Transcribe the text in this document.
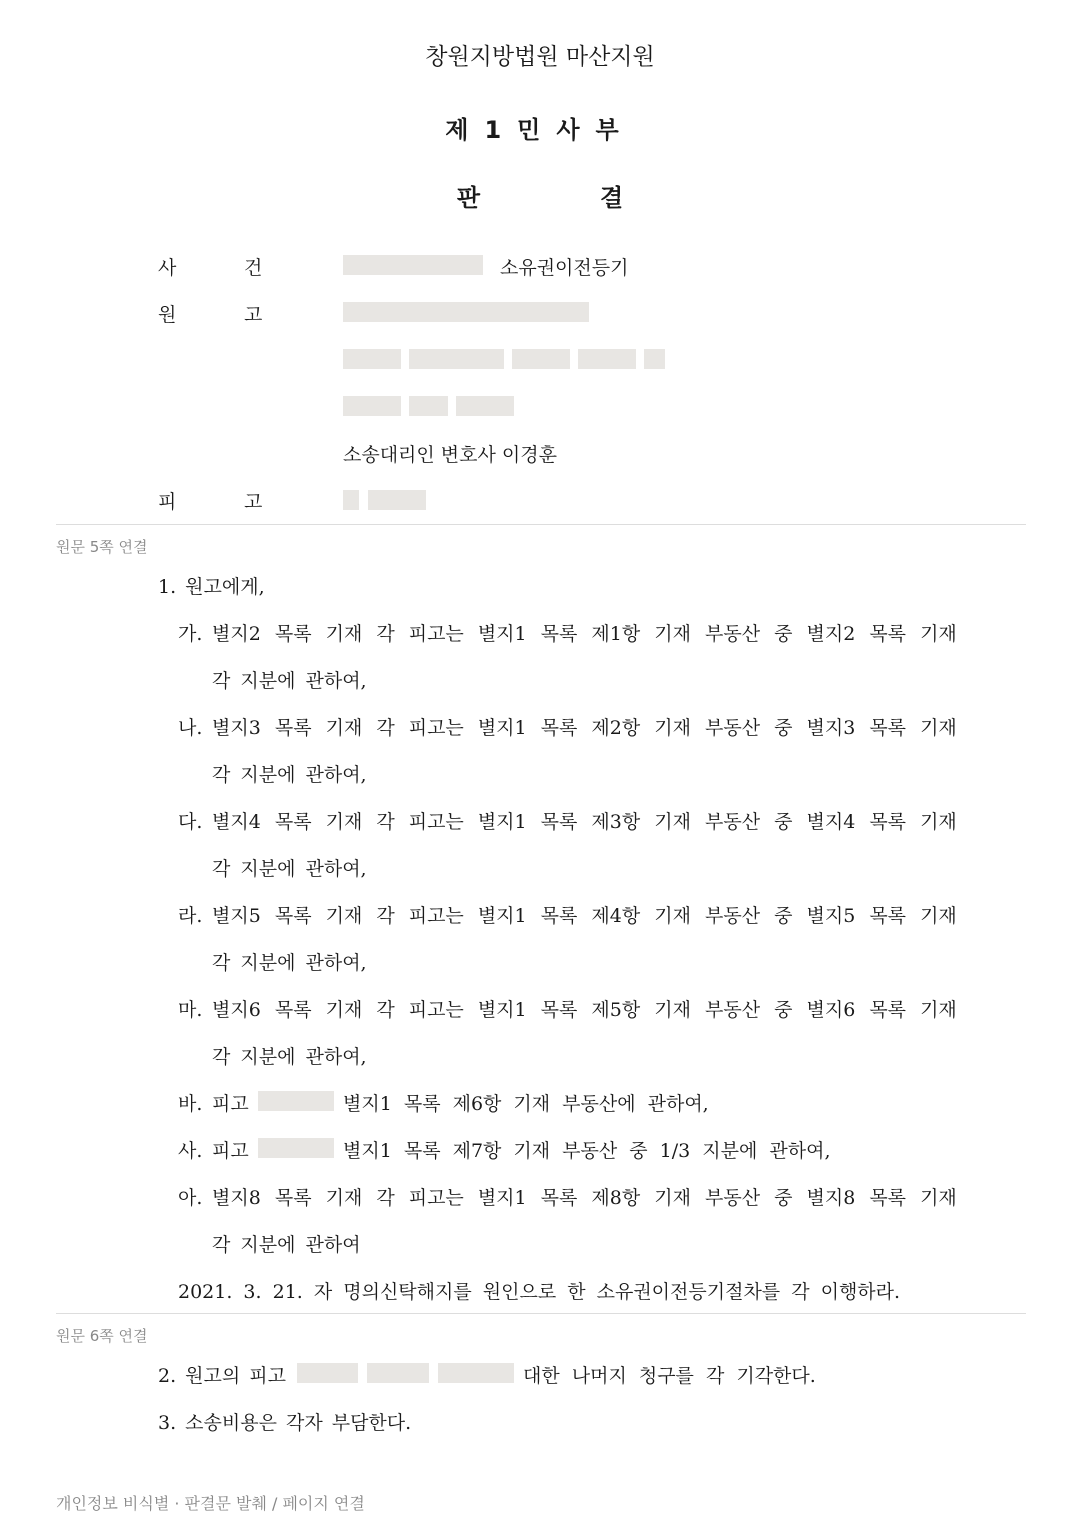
창원지방법원 마산지원
제1민사부
판	결
사	건	소유권이전등기
원	고
소송대리인 변호사 이경훈
피	고
원문 5쪽 연결
1. 원고에게,
가. 별지2 목록 기재 각 피고는 별지1 목록 제1항 기재 부동산 중 별지2 목록 기재
각 지분에 관하여,
나. 별지3 목록 기재 각 피고는 별지1 목록 제2항 기재 부동산 중 별지3 목록 기재
각 지분에 관하여,
다. 별지4 목록 기재 각 피고는 별지1 목록 제3항 기재 부동산 중 별지4 목록 기재
각 지분에 관하여,
라. 별지5 목록 기재 각 피고는 별지1 목록 제4항 기재 부동산 중 별지5 목록 기재
각 지분에 관하여,
마. 별지6 목록 기재 각 피고는 별지1 목록 제5항 기재 부동산 중 별지6 목록 기재
각 지분에 관하여,
바. 피고	별지1 목록 제6항 기재 부동산에 관하여,
사. 피고	별지1 목록 제7항 기재 부동산 중 1/3 지분에 관하여,
아. 별지8 목록 기재 각 피고는 별지1 목록 제8항 기재 부동산 중 별지8 목록 기재
각 지분에 관하여
2021. 3. 21. 자 명의신탁해지를 원인으로 한 소유권이전등기절차를 각 이행하라.
원문 6쪽 연결
2. 원고의 피고	대한 나머지 청구를 각 기각한다.
3. 소송비용은 각자 부담한다.
개인정보 비식별 · 판결문 발췌 / 페이지 연결
